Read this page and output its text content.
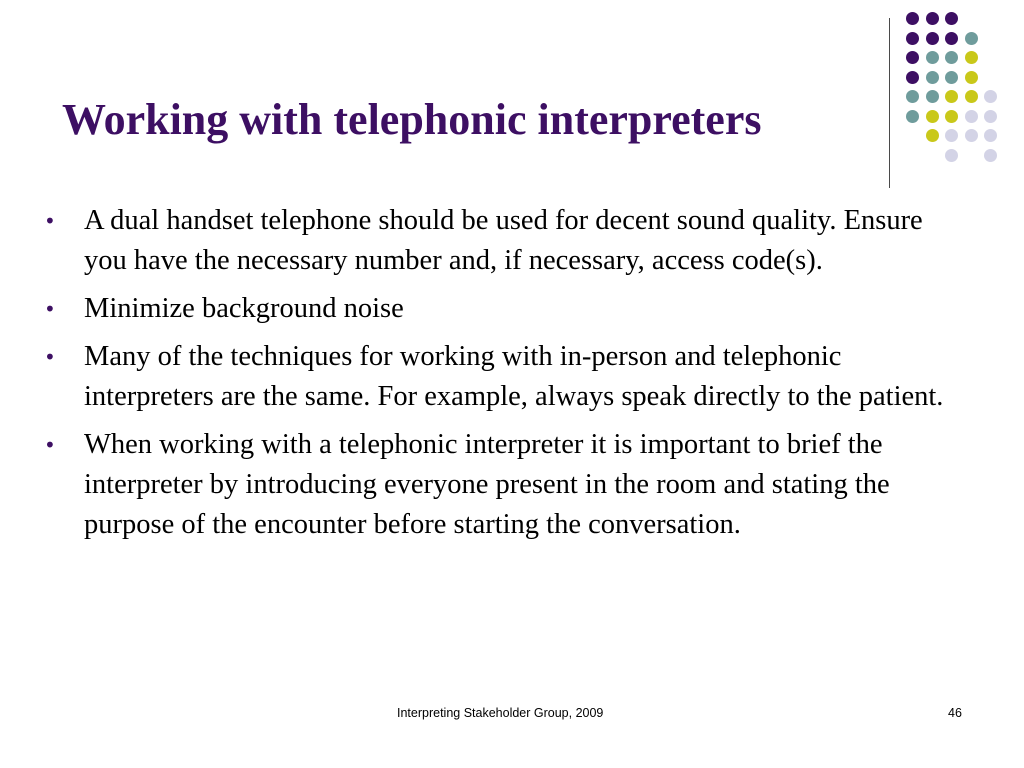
Working with telephonic interpreters
• A dual handset telephone should be used for decent sound quality. Ensure you have the necessary number and, if necessary, access code(s).
• Minimize background noise
• Many of the techniques for working with in-person and telephonic interpreters are the same. For example, always speak directly to the patient.
• When working with a telephonic interpreter it is important to brief the interpreter by introducing everyone present in the room and stating the purpose of the encounter before starting the conversation.
Interpreting Stakeholder Group, 2009	46
